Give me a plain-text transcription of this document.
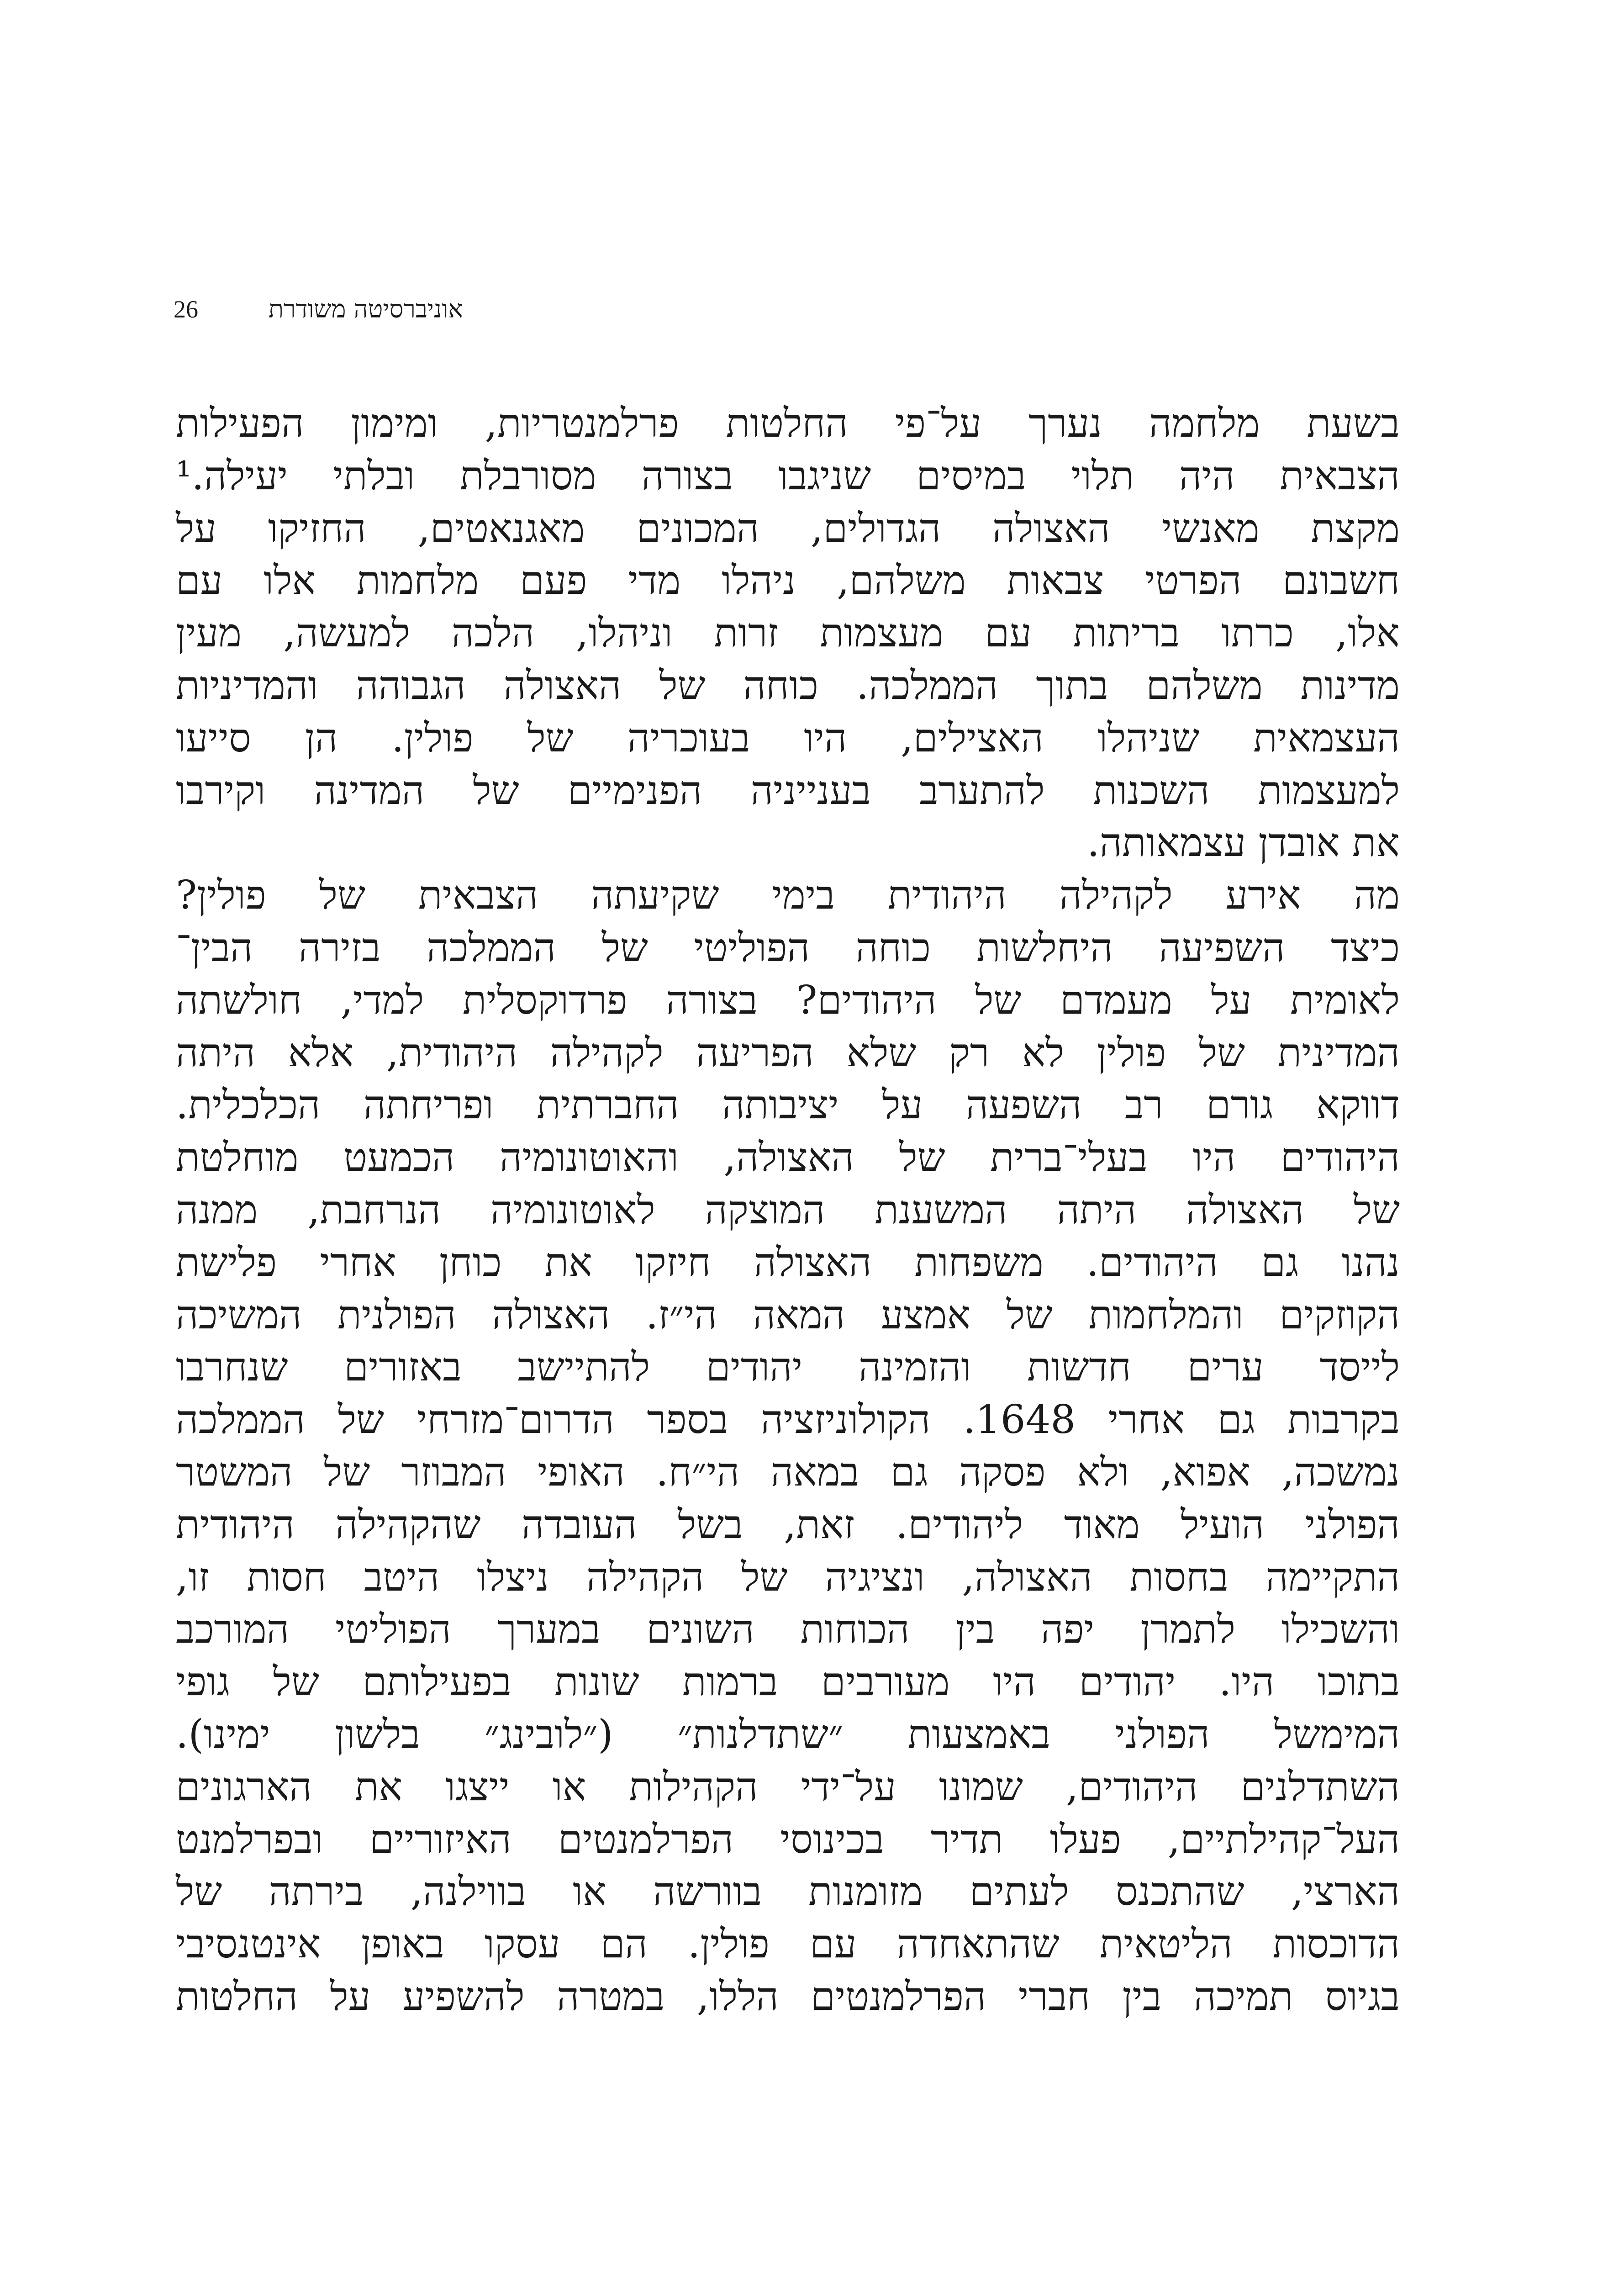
26	אוניברסיטה משודרת
בשעת מלחמה נערך על־פי החלטות פרלמנטריות, ומימון הפעילות
הצבאית היה תלוי במיסים שניגבו בצורה מסורבלת ובלתי יעילה.¹
מקצת מאנשי האצולה הגדולים, המכונים מאגנאטים, החזיקו על
חשבונם הפרטי צבאות משלהם, ניהלו מדי פעם מלחמות אלו עם
אלו, כרתו בריתות עם מעצמות זרות וניהלו, הלכה למעשה, מעין
מדינות משלהם בתוך הממלכה. כוחה של האצולה הגבוהה והמדיניות
העצמאית שניהלו האצילים, היו בעוכריה של פולין. הן סייעו
למעצמות השכנות להתערב בענייניה הפנימיים של המדינה וקירבו
את אובדן עצמאותה.
מה אירע לקהילה היהודית בימי שקיעתה הצבאית של פולין?
כיצד השפיעה היחלשות כוחה הפוליטי של הממלכה בזירה הבין־
לאומית על מעמדם של היהודים? בצורה פרדוקסלית למדי, חולשתה
המדינית של פולין לא רק שלא הפריעה לקהילה היהודית, אלא היתה
דווקא גורם רב השפעה על יציבותה החברתית ופריחתה הכלכלית.
היהודים היו בעלי־ברית של האצולה, והאוטונומיה הכמעט מוחלטת
של האצולה היתה המשענת המוצקה לאוטונומיה הנרחבת, ממנה
נהנו גם היהודים. משפחות האצולה חיזקו את כוחן אחרי פלישת
הקוזקים והמלחמות של אמצע המאה הי״ז. האצולה הפולנית המשיכה
לייסד ערים חדשות והזמינה יהודים להתיישב באזורים שנחרבו
בקרבות גם אחרי 1648. הקולוניזציה בספר הדרום־מזרחי של הממלכה
נמשכה, אפוא, ולא פסקה גם במאה הי״ח. האופי המבוזר של המשטר
הפולני הועיל מאוד ליהודים. זאת, בשל העובדה שהקהילה היהודית
התקיימה בחסות האצולה, ונציגיה של הקהילה ניצלו היטב חסות זו,
והשכילו לתמרן יפה בין הכוחות השונים במערך הפוליטי המורכב
בתוכו היו. יהודים היו מעורבים ברמות שונות בפעילותם של גופי
המימשל הפולני באמצעות ״שתדלנות״ (״לובינג״ בלשון ימינו).
השתדלנים היהודים, שמונו על־ידי הקהילות או ייצגו את הארגונים
העל־קהילתיים, פעלו תדיר בכינוסי הפרלמנטים האיזוריים ובפרלמנט
הארצי, שהתכנס לעתים מזומנות בוורשה או בווילנה, בירתה של
הדוכסות הליטאית שהתאחדה עם פולין. הם עסקו באופן אינטנסיבי
בגיוס תמיכה בין חברי הפרלמנטים הללו, במטרה להשפיע על החלטות
